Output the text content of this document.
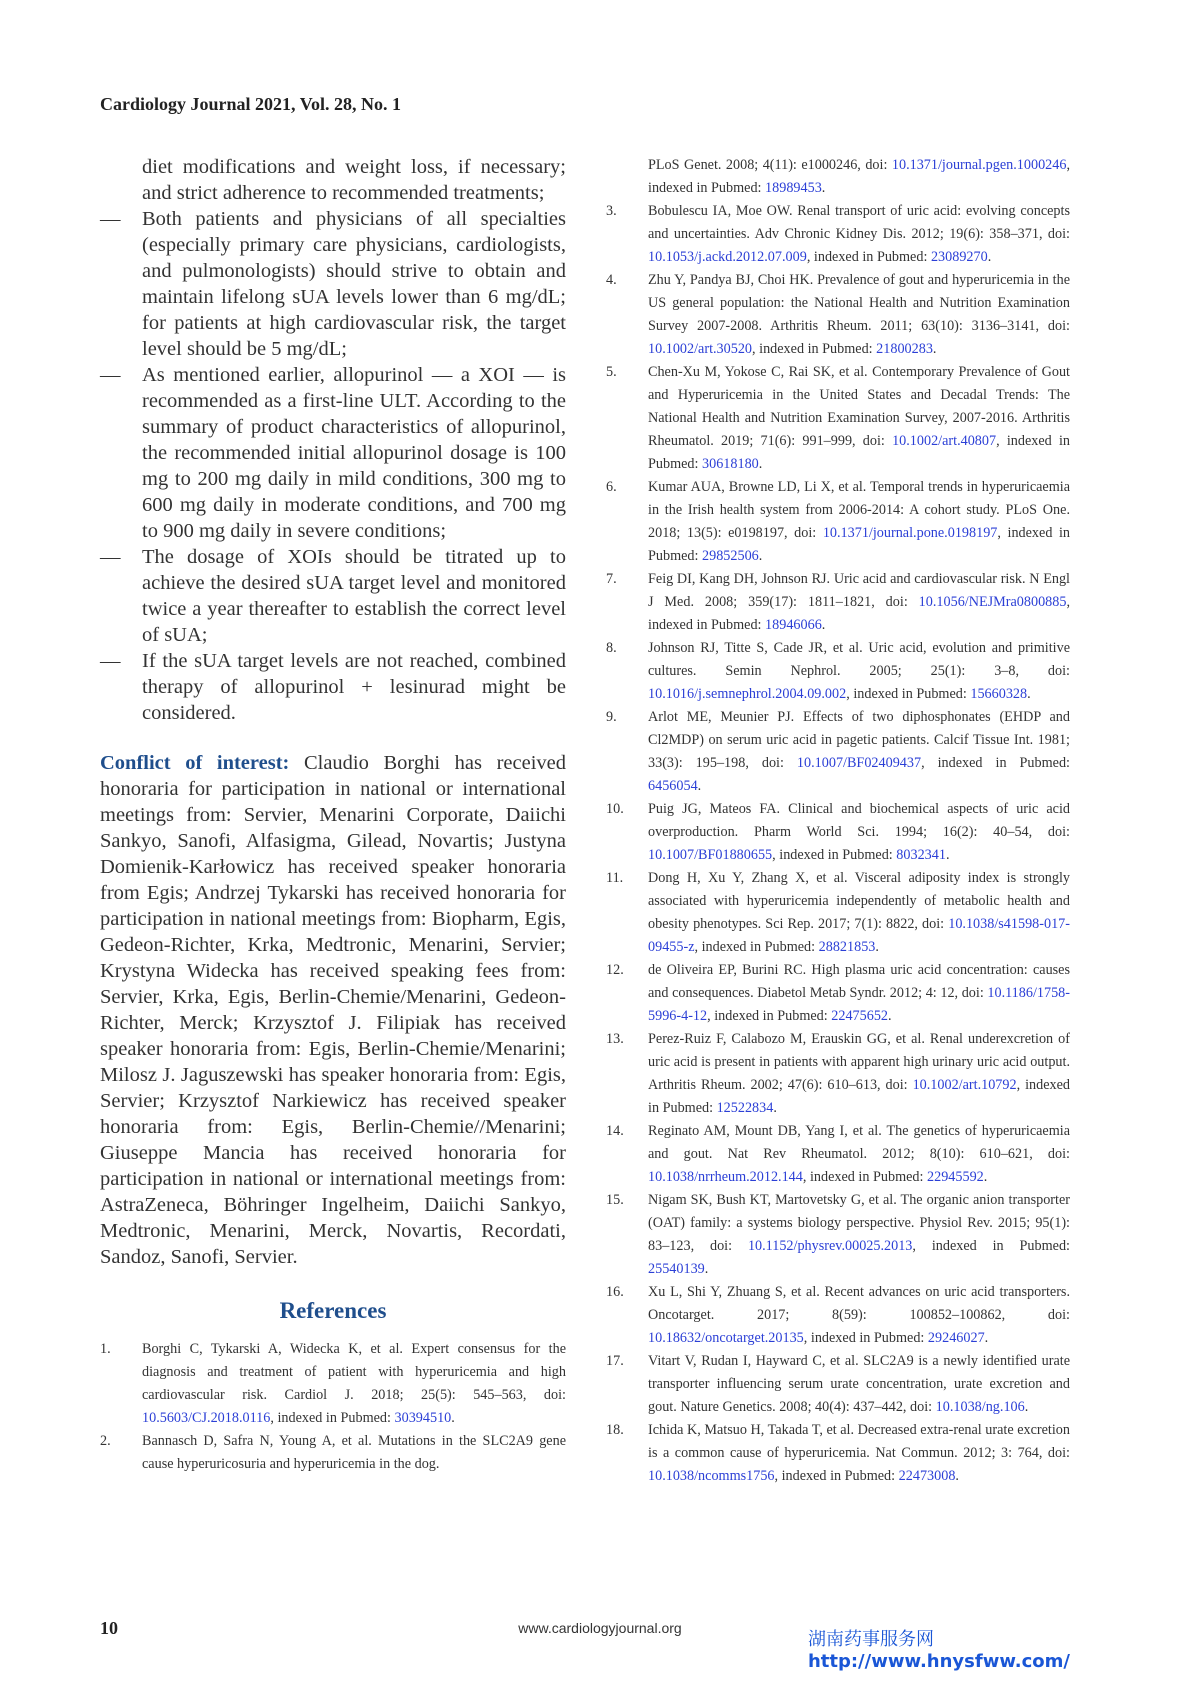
Cardiology Journal 2021, Vol. 28, No. 1
diet modifications and weight loss, if necessary; and strict adherence to recommended treatments;
—	Both patients and physicians of all specialties (especially primary care physicians, cardiologists, and pulmonologists) should strive to obtain and maintain lifelong sUA levels lower than 6 mg/dL; for patients at high cardiovascular risk, the target level should be 5 mg/dL;
—	As mentioned earlier, allopurinol — a XOI — is recommended as a first-line ULT. According to the summary of product characteristics of allopurinol, the recommended initial allopurinol dosage is 100 mg to 200 mg daily in mild conditions, 300 mg to 600 mg daily in moderate conditions, and 700 mg to 900 mg daily in severe conditions;
—	The dosage of XOIs should be titrated up to achieve the desired sUA target level and monitored twice a year thereafter to establish the correct level of sUA;
—	If the sUA target levels are not reached, combined therapy of allopurinol + lesinurad might be considered.
Conflict of interest: Claudio Borghi has received honoraria for participation in national or international meetings from: Servier, Menarini Corporate, Daiichi Sankyo, Sanofi, Alfasigma, Gilead, Novartis; Justyna Domienik-Karłowicz has received speaker honoraria from Egis; Andrzej Tykarski has received honoraria for participation in national meetings from: Biopharm, Egis, Gedeon-Richter, Krka, Medtronic, Menarini, Servier; Krystyna Widecka has received speaking fees from: Servier, Krka, Egis, Berlin-Chemie/Menarini, Gedeon-Richter, Merck; Krzysztof J. Filipiak has received speaker honoraria from: Egis, Berlin-Chemie/Menarini; Milosz J. Jaguszewski has speaker honoraria from: Egis, Servier; Krzysztof Narkiewicz has received speaker honoraria from: Egis, Berlin-Chemie//Menarini; Giuseppe Mancia has received honoraria for participation in national or international meetings from: AstraZeneca, Böhringer Ingelheim, Daiichi Sankyo, Medtronic, Menarini, Merck, Novartis, Recordati, Sandoz, Sanofi, Servier.
References
1.	Borghi C, Tykarski A, Widecka K, et al. Expert consensus for the diagnosis and treatment of patient with hyperuricemia and high cardiovascular risk. Cardiol J. 2018; 25(5): 545–563, doi: 10.5603/CJ.2018.0116, indexed in Pubmed: 30394510.
2.	Bannasch D, Safra N, Young A, et al. Mutations in the SLC2A9 gene cause hyperuricosuria and hyperuricemia in the dog.
PLoS Genet. 2008; 4(11): e1000246, doi: 10.1371/journal.pgen.1000246, indexed in Pubmed: 18989453.
3.	Bobulescu IA, Moe OW. Renal transport of uric acid: evolving concepts and uncertainties. Adv Chronic Kidney Dis. 2012; 19(6): 358–371, doi: 10.1053/j.ackd.2012.07.009, indexed in Pubmed: 23089270.
4.	Zhu Y, Pandya BJ, Choi HK. Prevalence of gout and hyperuricemia in the US general population: the National Health and Nutrition Examination Survey 2007-2008. Arthritis Rheum. 2011; 63(10): 3136–3141, doi: 10.1002/art.30520, indexed in Pubmed: 21800283.
5.	Chen-Xu M, Yokose C, Rai SK, et al. Contemporary Prevalence of Gout and Hyperuricemia in the United States and Decadal Trends: The National Health and Nutrition Examination Survey, 2007-2016. Arthritis Rheumatol. 2019; 71(6): 991–999, doi: 10.1002/art.40807, indexed in Pubmed: 30618180.
6.	Kumar AUA, Browne LD, Li X, et al. Temporal trends in hyperuricaemia in the Irish health system from 2006-2014: A cohort study. PLoS One. 2018; 13(5): e0198197, doi: 10.1371/journal.pone.0198197, indexed in Pubmed: 29852506.
7.	Feig DI, Kang DH, Johnson RJ. Uric acid and cardiovascular risk. N Engl J Med. 2008; 359(17): 1811–1821, doi: 10.1056/NEJMra0800885, indexed in Pubmed: 18946066.
8.	Johnson RJ, Titte S, Cade JR, et al. Uric acid, evolution and primitive cultures. Semin Nephrol. 2005; 25(1): 3–8, doi: 10.1016/j.semnephrol.2004.09.002, indexed in Pubmed: 15660328.
9.	Arlot ME, Meunier PJ. Effects of two diphosphonates (EHDP and Cl2MDP) on serum uric acid in pagetic patients. Calcif Tissue Int. 1981; 33(3): 195–198, doi: 10.1007/BF02409437, indexed in Pubmed: 6456054.
10.	Puig JG, Mateos FA. Clinical and biochemical aspects of uric acid overproduction. Pharm World Sci. 1994; 16(2): 40–54, doi: 10.1007/BF01880655, indexed in Pubmed: 8032341.
11.	Dong H, Xu Y, Zhang X, et al. Visceral adiposity index is strongly associated with hyperuricemia independently of metabolic health and obesity phenotypes. Sci Rep. 2017; 7(1): 8822, doi: 10.1038/s41598-017-09455-z, indexed in Pubmed: 28821853.
12.	de Oliveira EP, Burini RC. High plasma uric acid concentration: causes and consequences. Diabetol Metab Syndr. 2012; 4: 12, doi: 10.1186/1758-5996-4-12, indexed in Pubmed: 22475652.
13.	Perez-Ruiz F, Calabozo M, Erauskin GG, et al. Renal underexcretion of uric acid is present in patients with apparent high urinary uric acid output. Arthritis Rheum. 2002; 47(6): 610–613, doi: 10.1002/art.10792, indexed in Pubmed: 12522834.
14.	Reginato AM, Mount DB, Yang I, et al. The genetics of hyperuricaemia and gout. Nat Rev Rheumatol. 2012; 8(10): 610–621, doi: 10.1038/nrrheum.2012.144, indexed in Pubmed: 22945592.
15.	Nigam SK, Bush KT, Martovetsky G, et al. The organic anion transporter (OAT) family: a systems biology perspective. Physiol Rev. 2015; 95(1): 83–123, doi: 10.1152/physrev.00025.2013, indexed in Pubmed: 25540139.
16.	Xu L, Shi Y, Zhuang S, et al. Recent advances on uric acid transporters. Oncotarget. 2017; 8(59): 100852–100862, doi: 10.18632/oncotarget.20135, indexed in Pubmed: 29246027.
17.	Vitart V, Rudan I, Hayward C, et al. SLC2A9 is a newly identified urate transporter influencing serum urate concentration, urate excretion and gout. Nature Genetics. 2008; 40(4): 437–442, doi: 10.1038/ng.106.
18.	Ichida K, Matsuo H, Takada T, et al. Decreased extra-renal urate excretion is a common cause of hyperuricemia. Nat Commun. 2012; 3: 764, doi: 10.1038/ncomms1756, indexed in Pubmed: 22473008.
10	www.cardiologyjournal.org
湖南药事服务网
http://www.hnysfww.com/
